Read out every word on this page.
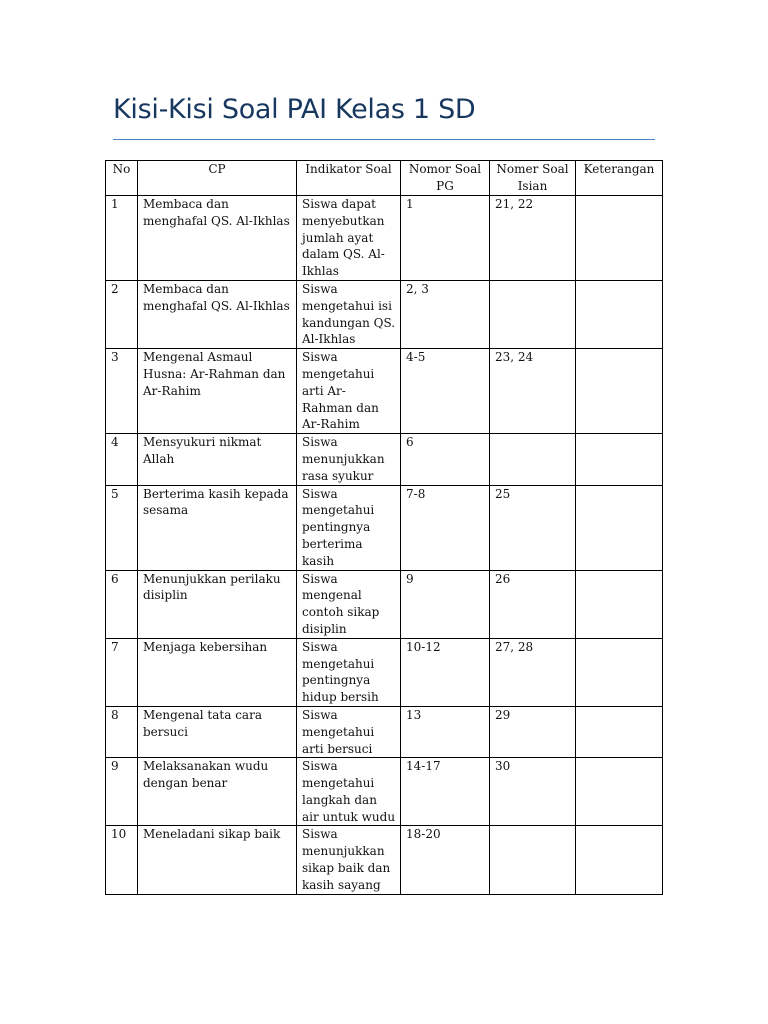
Kisi-Kisi Soal PAI Kelas 1 SD
No	CP	Indikator Soal	Nomor Soal PG	Nomer Soal Isian	Keterangan
1	Membaca dan menghafal QS. Al-Ikhlas	Siswa dapat menyebutkan jumlah ayat dalam QS. Al-Ikhlas	1	21, 22	
2	Membaca dan menghafal QS. Al-Ikhlas	Siswa mengetahui isi kandungan QS. Al-Ikhlas	2, 3		
3	Mengenal Asmaul Husna: Ar-Rahman dan Ar-Rahim	Siswa mengetahui arti Ar-Rahman dan Ar-Rahim	4-5	23, 24	
4	Mensyukuri nikmat Allah	Siswa menunjukkan rasa syukur	6		
5	Berterima kasih kepada sesama	Siswa mengetahui pentingnya berterima kasih	7-8	25	
6	Menunjukkan perilaku disiplin	Siswa mengenal contoh sikap disiplin	9	26	
7	Menjaga kebersihan	Siswa mengetahui pentingnya hidup bersih	10-12	27, 28	
8	Mengenal tata cara bersuci	Siswa mengetahui arti bersuci	13	29	
9	Melaksanakan wudu dengan benar	Siswa mengetahui langkah dan air untuk wudu	14-17	30	
10	Meneladani sikap baik	Siswa menunjukkan sikap baik dan kasih sayang	18-20		
